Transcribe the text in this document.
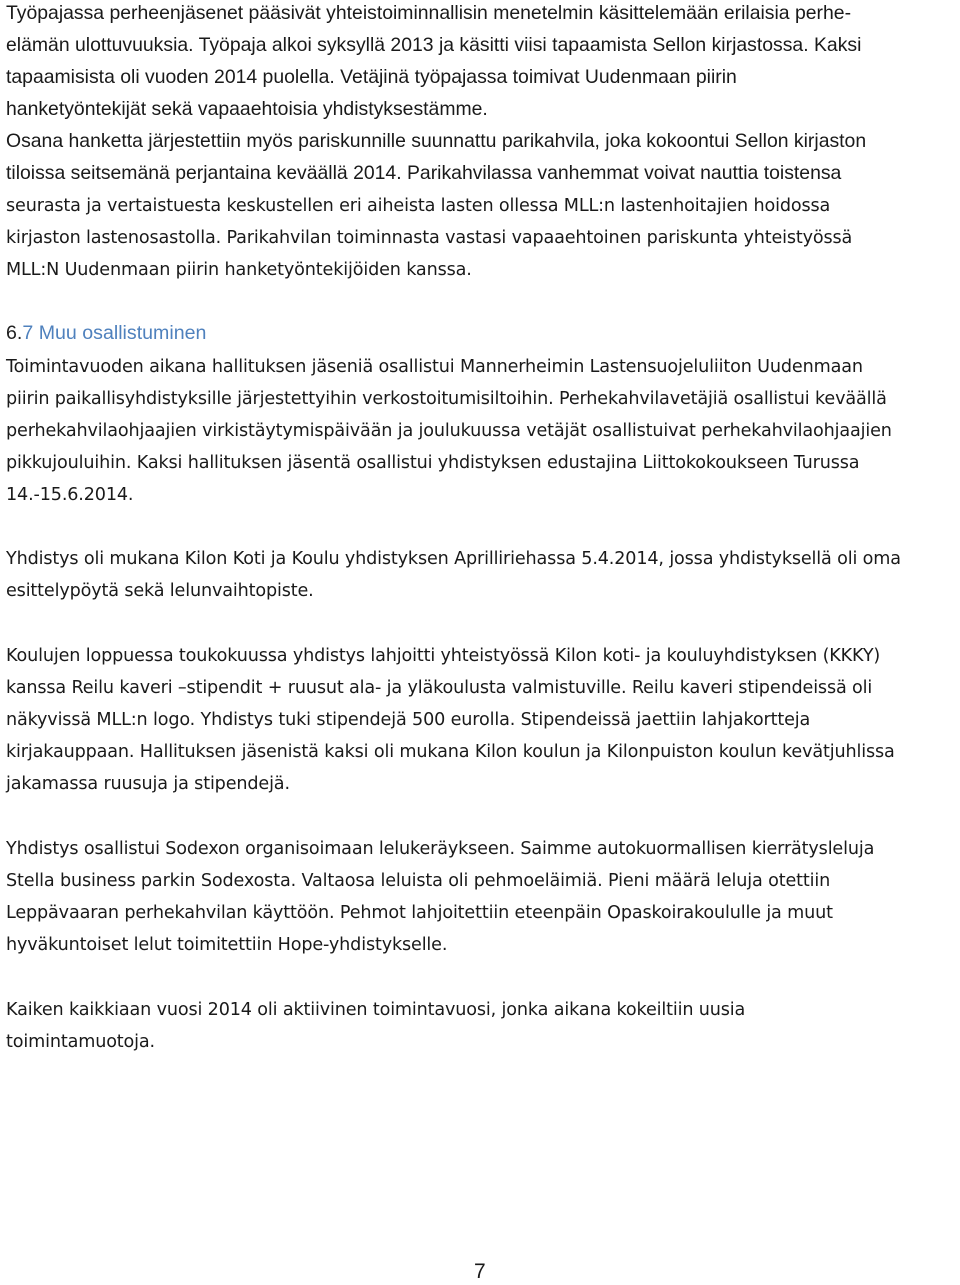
Työpajassa perheenjäsenet pääsivät yhteistoiminnallisin menetelmin käsittelemään erilaisia perhe-
elämän ulottuvuuksia. Työpaja alkoi syksyllä 2013 ja käsitti viisi tapaamista Sellon kirjastossa. Kaksi
tapaamisista oli vuoden 2014 puolella. Vetäjinä työpajassa toimivat Uudenmaan piirin
hanketyöntekijät sekä vapaaehtoisia yhdistyksestämme.
Osana hanketta järjestettiin myös pariskunnille suunnattu parikahvila, joka kokoontui Sellon kirjaston
tiloissa seitsemänä perjantaina keväällä 2014. Parikahvilassa vanhemmat voivat nauttia toistensa
seurasta ja vertaistuesta keskustellen eri aiheista lasten ollessa MLL:n lastenhoitajien hoidossa
kirjaston lastenosastolla. Parikahvilan toiminnasta vastasi vapaaehtoinen pariskunta yhteistyössä
MLL:N Uudenmaan piirin hanketyöntekijöiden kanssa.
6.7 Muu osallistuminen
Toimintavuoden aikana hallituksen jäseniä osallistui Mannerheimin Lastensuojeluliiton Uudenmaan
piirin paikallisyhdistyksille järjestettyihin verkostoitumisiltoihin. Perhekahvilavetäjiä osallistui keväällä
perhekahvilaohjaajien virkistäytymispäivään ja joulukuussa vetäjät osallistuivat perhekahvilaohjaajien
pikkujouluihin. Kaksi hallituksen jäsentä osallistui yhdistyksen edustajina Liittokokoukseen Turussa
14.-15.6.2014.
Yhdistys oli mukana Kilon Koti ja Koulu yhdistyksen Aprilliriehassa 5.4.2014, jossa yhdistyksellä oli oma
esittelypöytä sekä lelunvaihtopiste.
Koulujen loppuessa toukokuussa yhdistys lahjoitti yhteistyössä Kilon koti- ja kouluyhdistyksen (KKKY)
kanssa Reilu kaveri –stipendit + ruusut ala- ja yläkoulusta valmistuville. Reilu kaveri stipendeissä oli
näkyvissä MLL:n logo. Yhdistys tuki stipendejä 500 eurolla. Stipendeissä jaettiin lahjakortteja
kirjakauppaan. Hallituksen jäsenistä kaksi oli mukana Kilon koulun ja Kilonpuiston koulun kevätjuhlissa
jakamassa ruusuja ja stipendejä.
Yhdistys osallistui Sodexon organisoimaan lelukeräykseen. Saimme autokuormallisen kierrätysleluja
Stella business parkin Sodexosta. Valtaosa leluista oli pehmoeläimiä. Pieni määrä leluja otettiin
Leppävaaran perhekahvilan käyttöön. Pehmot lahjoitettiin eteenpäin Opaskoirakoululle ja muut
hyväkuntoiset lelut toimitettiin Hope-yhdistykselle.
Kaiken kaikkiaan vuosi 2014 oli aktiivinen toimintavuosi, jonka aikana kokeiltiin uusia
toimintamuotoja.
7
